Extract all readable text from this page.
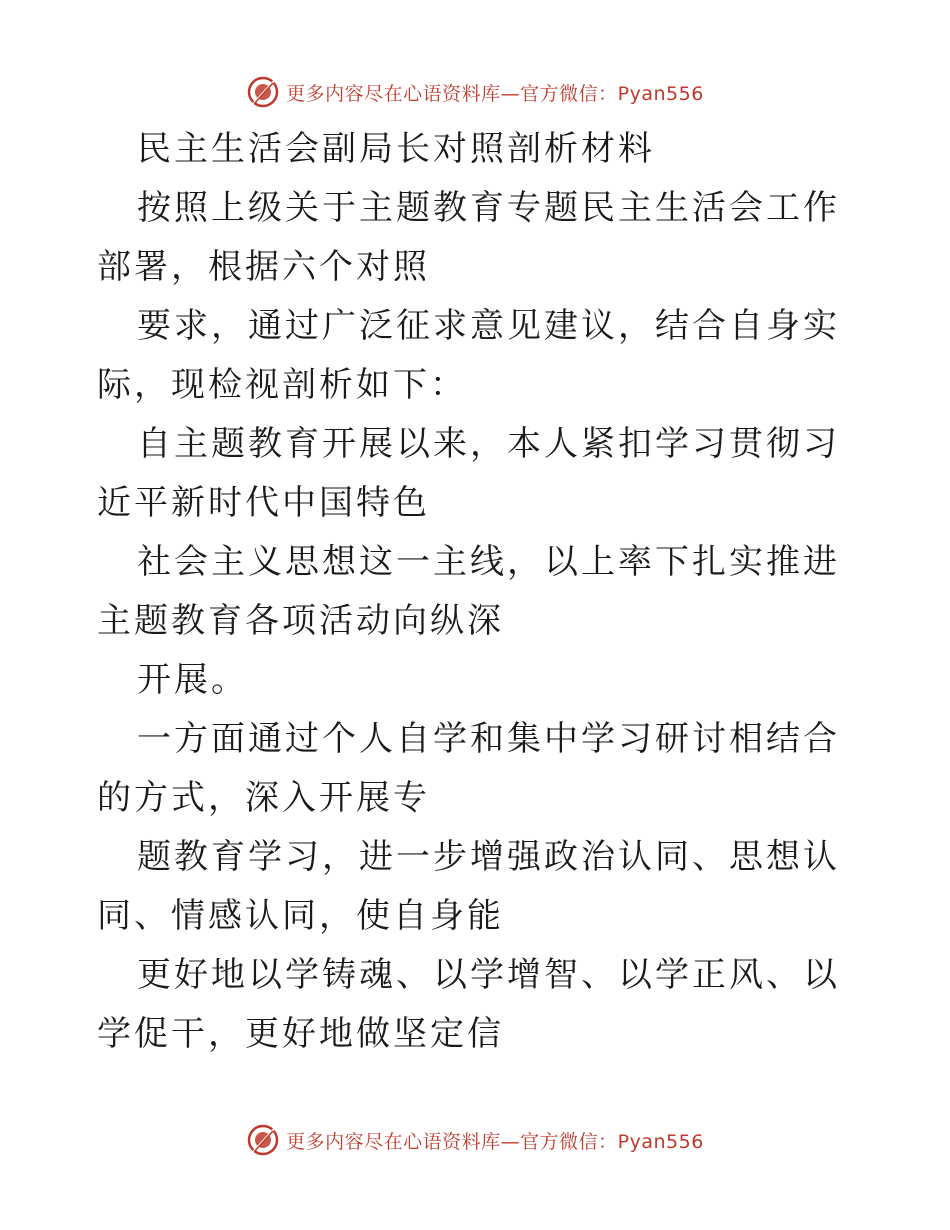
更多内容尽在心语资料库—官方微信：Pyan556

民主生活会副局长对照剖析材料

按照上级关于主题教育专题民主生活会工作部署，根据六个对照

要求，通过广泛征求意见建议，结合自身实际，现检视剖析如下：

自主题教育开展以来，本人紧扣学习贯彻习近平新时代中国特色

社会主义思想这一主线，以上率下扎实推进主题教育各项活动向纵深

开展。

一方面通过个人自学和集中学习研讨相结合的方式，深入开展专

题教育学习，进一步增强政治认同、思想认同、情感认同，使自身能

更好地以学铸魂、以学增智、以学正风、以学促干，更好地做坚定信

更多内容尽在心语资料库—官方微信：Pyan556
